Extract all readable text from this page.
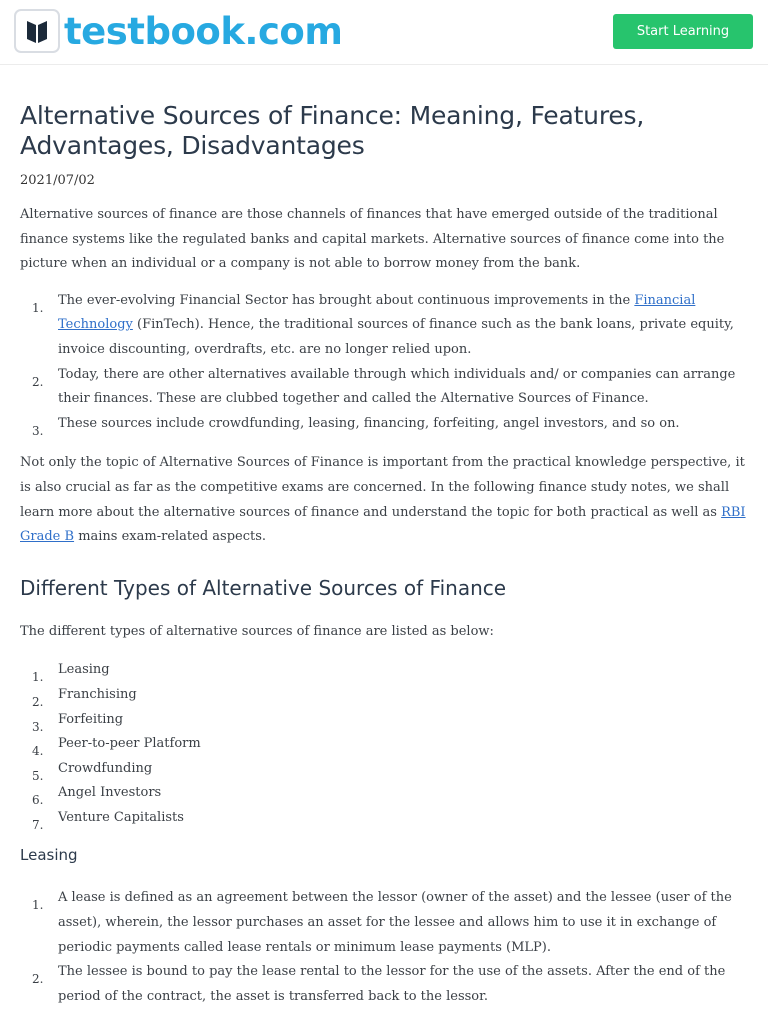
testbook.com	Start Learning
Alternative Sources of Finance: Meaning, Features, Advantages, Disadvantages
2021/07/02

Alternative sources of finance are those channels of finances that have emerged outside of the traditional finance systems like the regulated banks and capital markets. Alternative sources of finance come into the picture when an individual or a company is not able to borrow money from the bank.

1. The ever-evolving Financial Sector has brought about continuous improvements in the Financial Technology (FinTech). Hence, the traditional sources of finance such as the bank loans, private equity, invoice discounting, overdrafts, etc. are no longer relied upon.
2. Today, there are other alternatives available through which individuals and/ or companies can arrange their finances. These are clubbed together and called the Alternative Sources of Finance.
3. These sources include crowdfunding, leasing, financing, forfeiting, angel investors, and so on.

Not only the topic of Alternative Sources of Finance is important from the practical knowledge perspective, it is also crucial as far as the competitive exams are concerned. In the following finance study notes, we shall learn more about the alternative sources of finance and understand the topic for both practical as well as RBI Grade B mains exam-related aspects.

Different Types of Alternative Sources of Finance

The different types of alternative sources of finance are listed as below:

1. Leasing
2. Franchising
3. Forfeiting
4. Peer-to-peer Platform
5. Crowdfunding
6. Angel Investors
7. Venture Capitalists
Leasing
1. A lease is defined as an agreement between the lessor (owner of the asset) and the lessee (user of the asset), wherein, the lessor purchases an asset for the lessee and allows him to use it in exchange of periodic payments called lease rentals or minimum lease payments (MLP).
2. The lessee is bound to pay the lease rental to the lessor for the use of the assets. After the end of the period of the contract, the asset is transferred back to the lessor.
